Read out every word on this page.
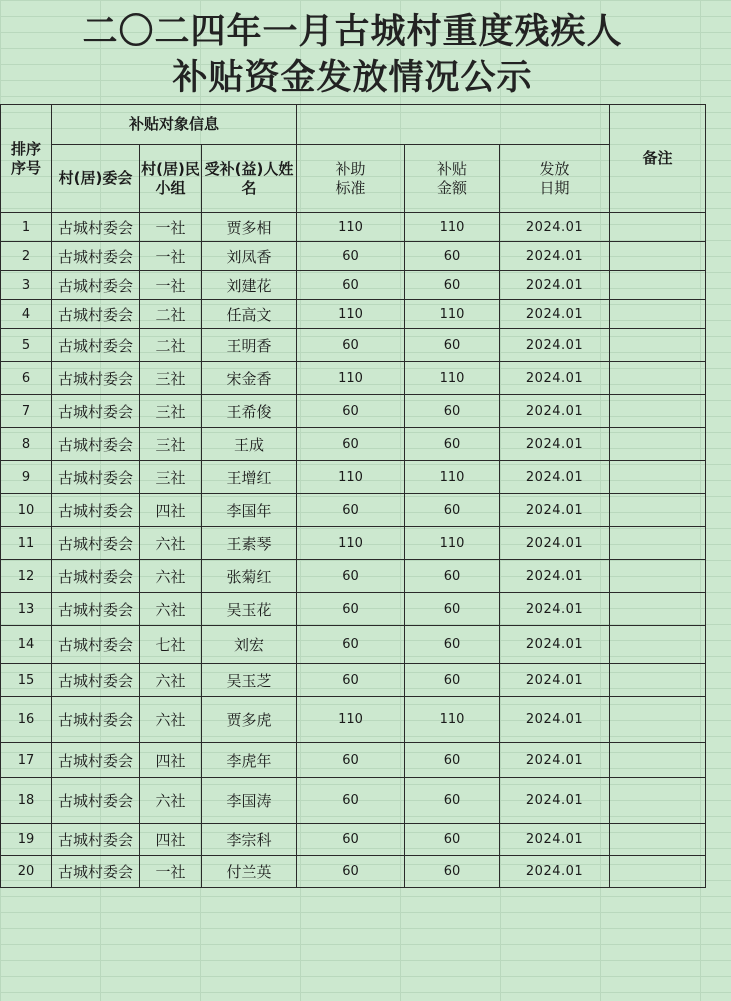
二〇二四年一月古城村重度残疾人
补贴资金发放情况公示
排序序号	补贴对象信息						备注

	村(居)委会	村(居)民小组	受补(益)人姓名	补助标准	补贴金额	发放日期	

1	古城村委会	一社	贾多相	110	110	2024.01	
2	古城村委会	一社	刘凤香	60	60	2024.01	
3	古城村委会	一社	刘建花	60	60	2024.01	
4	古城村委会	二社	任高文	110	110	2024.01	
5	古城村委会	二社	王明香	60	60	2024.01	
6	古城村委会	三社	宋金香	110	110	2024.01	
7	古城村委会	三社	王希俊	60	60	2024.01	
8	古城村委会	三社	王成	60	60	2024.01	
9	古城村委会	三社	王增红	110	110	2024.01	
10	古城村委会	四社	李国年	60	60	2024.01	
11	古城村委会	六社	王素琴	110	110	2024.01	
12	古城村委会	六社	张菊红	60	60	2024.01	
13	古城村委会	六社	吴玉花	60	60	2024.01	
14	古城村委会	七社	刘宏	60	60	2024.01	
15	古城村委会	六社	吴玉芝	60	60	2024.01	
16	古城村委会	六社	贾多虎	110	110	2024.01	
17	古城村委会	四社	李虎年	60	60	2024.01	
18	古城村委会	六社	李国涛	60	60	2024.01	
19	古城村委会	四社	李宗科	60	60	2024.01	
20	古城村委会	一社	付兰英	60	60	2024.01	
